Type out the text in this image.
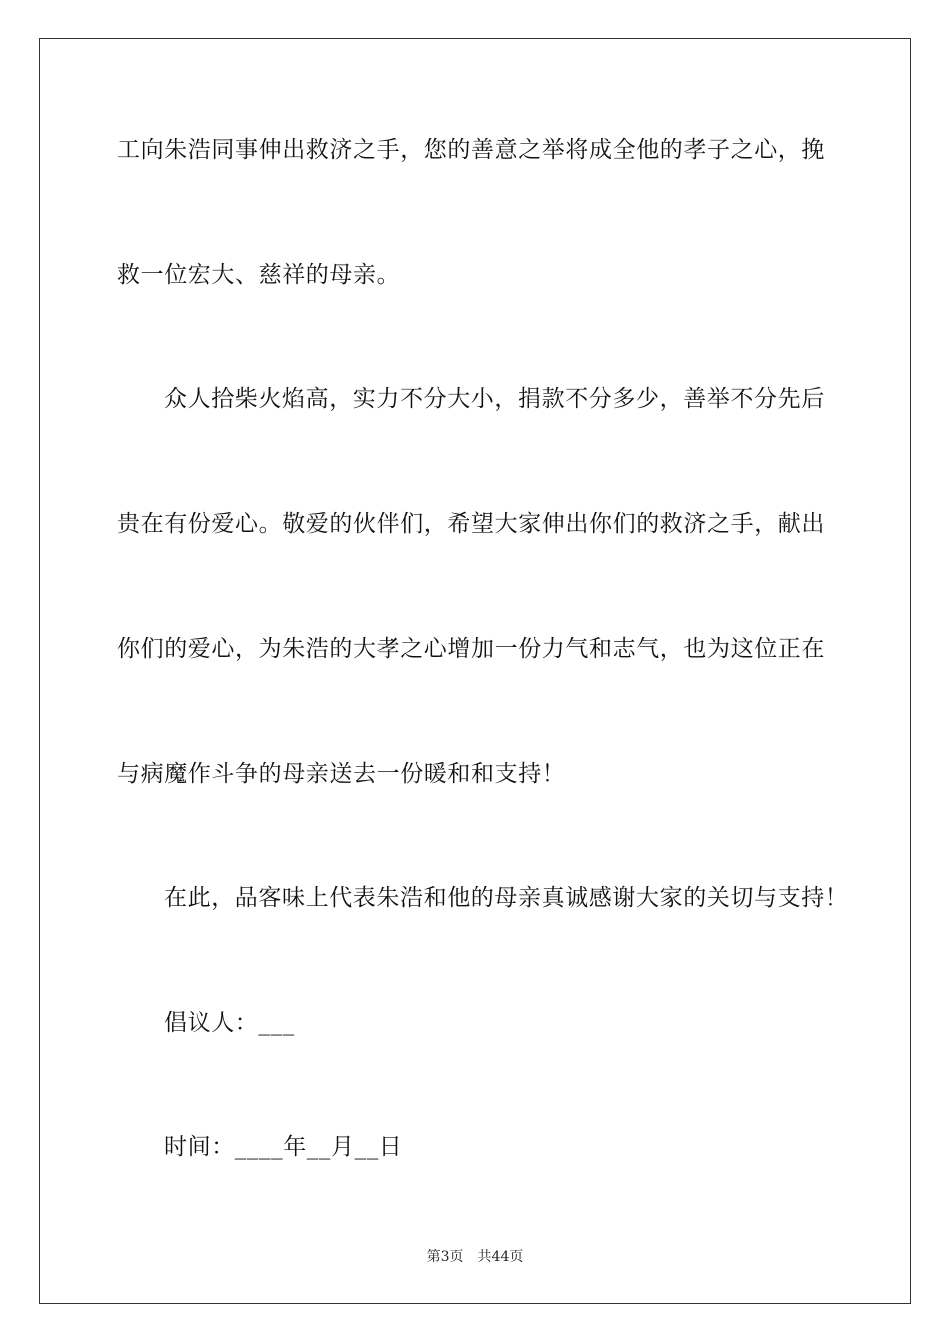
工向朱浩同事伸出救济之手，您的善意之举将成全他的孝子之心，挽
救一位宏大、慈祥的母亲。
众人拾柴火焰高，实力不分大小，捐款不分多少，善举不分先后
贵在有份爱心。敬爱的伙伴们，希望大家伸出你们的救济之手，献出
你们的爱心，为朱浩的大孝之心增加一份力气和志气，也为这位正在
与病魔作斗争的母亲送去一份暖和和支持！
在此，品客味上代表朱浩和他的母亲真诚感谢大家的关切与支持！
倡议人：___
时间：____年__月__日
第3页　共44页
